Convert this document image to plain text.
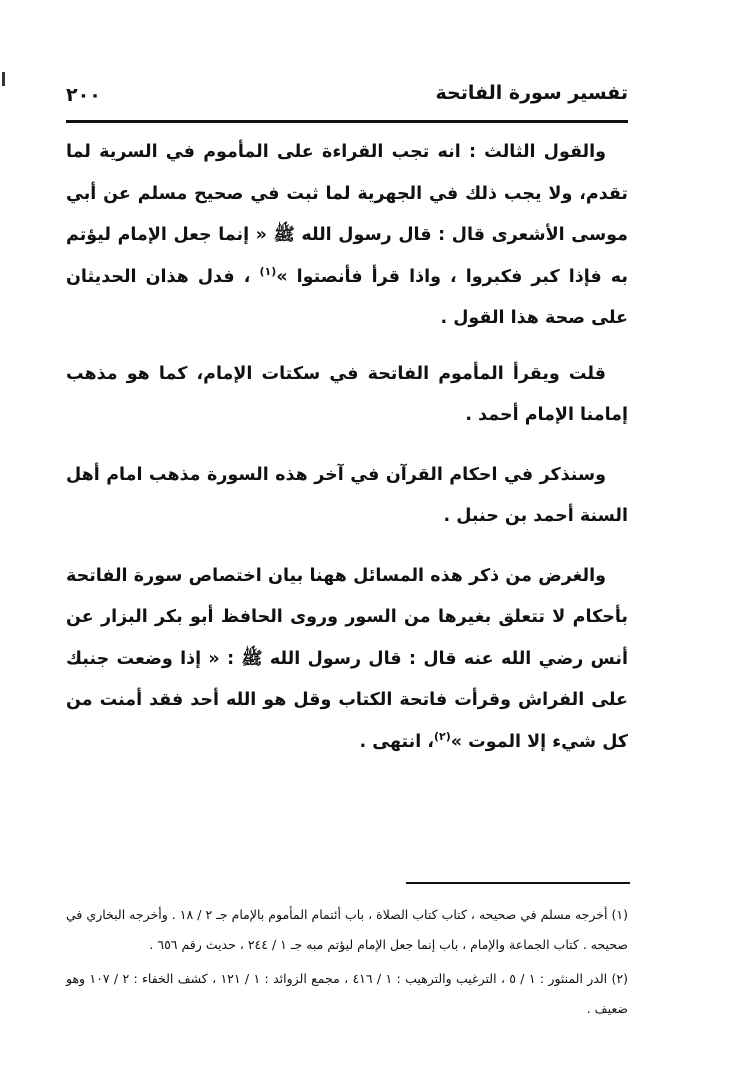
تفسير سورة الفاتحة
٢٠٠

والقول الثالث : انه تجب القراءة على المأموم في السرية لما تقدم، ولا يجب ذلك في الجهرية لما ثبت في صحيح مسلم عن أبي موسى الأشعرى قال : قال رسول الله ﷺ « إنما جعل الإمام ليؤتم به فإذا كبر فكبروا ، واذا قرأ فأنصتوا »$^{(١)}$ ، فدل هذان الحديثان على صحة هذا القول .

قلت ويقرأ المأموم الفاتحة في سكتات الإمام، كما هو مذهب إمامنا الإمام أحمد .

وسنذكر في احكام القرآن في آخر هذه السورة مذهب امام أهل السنة أحمد بن حنبل .

والغرض من ذكر هذه المسائل ههنا بيان اختصاص سورة الفاتحة بأحكام لا تتعلق بغيرها من السور وروى الحافظ أبو بكر البزار عن أنس رضي الله عنه قال : قال رسول الله ﷺ : « إذا وضعت جنبك على الفراش وقرأت فاتحة الكتاب وقل هو الله أحد فقد أمنت من كل شيء إلا الموت »$^{(٢)}$، انتهى .

(١) أخرجه مسلم في صحيحه ، كتاب كتاب الصلاة ، باب أئتمام المأموم بالإمام جـ ٢ / ١٨ . وأخرجه البخاري في صحيحه . كتاب الجماعة والإمام ، باب إنما جعل الإمام ليؤتم مبه جـ ١ / ٢٤٤ ، حديث رقم ٦٥٦ .

(٢) الدر المنثور : ١ / ٥ ، الترغيب والترهيب : ١ / ٤١٦ ، مجمع الزوائد : ١ / ١٢١ ، كشف الخفاء : ٢ / ١٠٧ وهو ضعيف .
